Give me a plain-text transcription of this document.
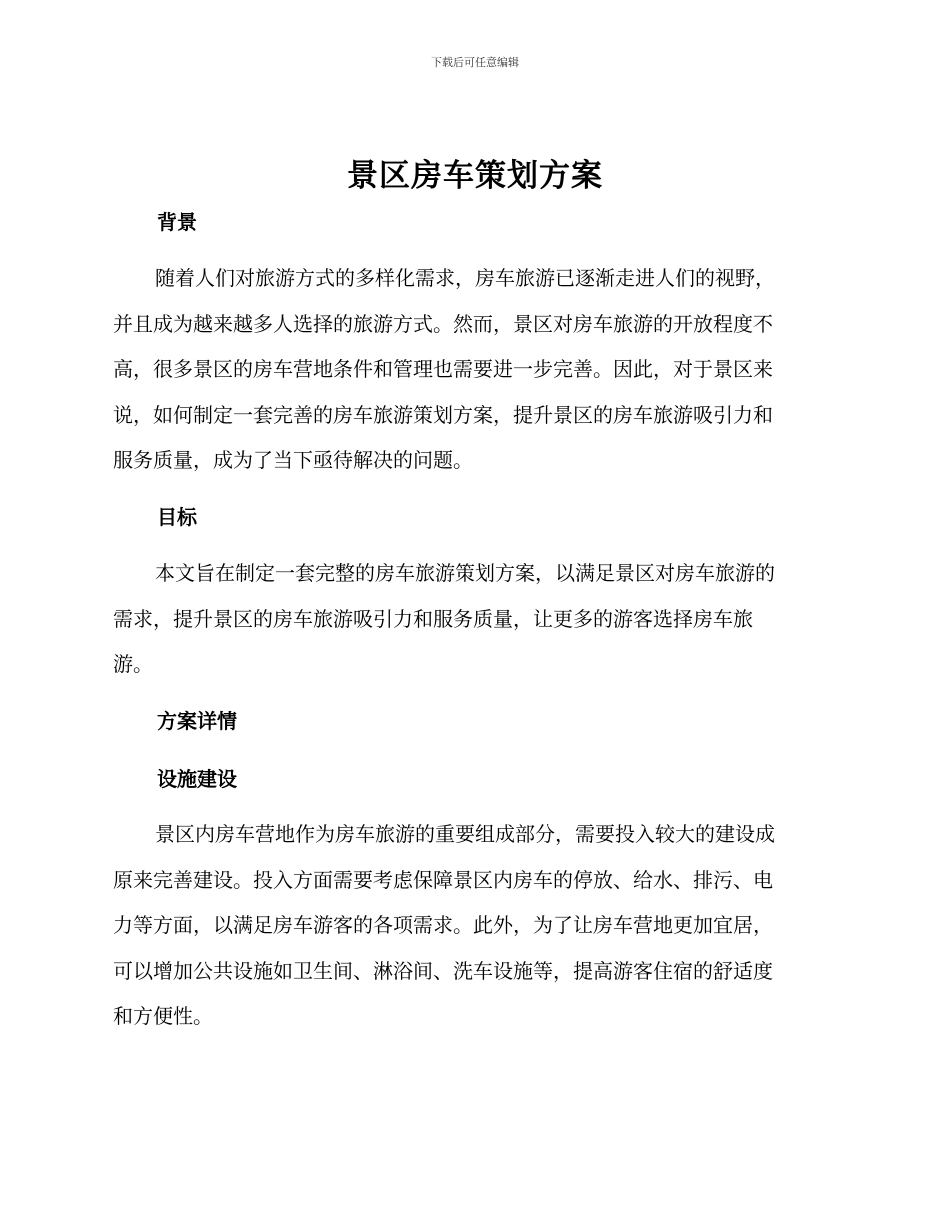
下载后可任意编辑
景区房车策划方案
背景
随着人们对旅游方式的多样化需求，房车旅游已逐渐走进人们的视野，
并且成为越来越多人选择的旅游方式。然而，景区对房车旅游的开放程度不
高，很多景区的房车营地条件和管理也需要进一步完善。因此，对于景区来
说，如何制定一套完善的房车旅游策划方案，提升景区的房车旅游吸引力和
服务质量，成为了当下亟待解决的问题。
目标
本文旨在制定一套完整的房车旅游策划方案，以满足景区对房车旅游的
需求，提升景区的房车旅游吸引力和服务质量，让更多的游客选择房车旅
游。
方案详情
设施建设
景区内房车营地作为房车旅游的重要组成部分，需要投入较大的建设成
原来完善建设。投入方面需要考虑保障景区内房车的停放、给水、排污、电
力等方面，以满足房车游客的各项需求。此外，为了让房车营地更加宜居，
可以增加公共设施如卫生间、淋浴间、洗车设施等，提高游客住宿的舒适度
和方便性。
